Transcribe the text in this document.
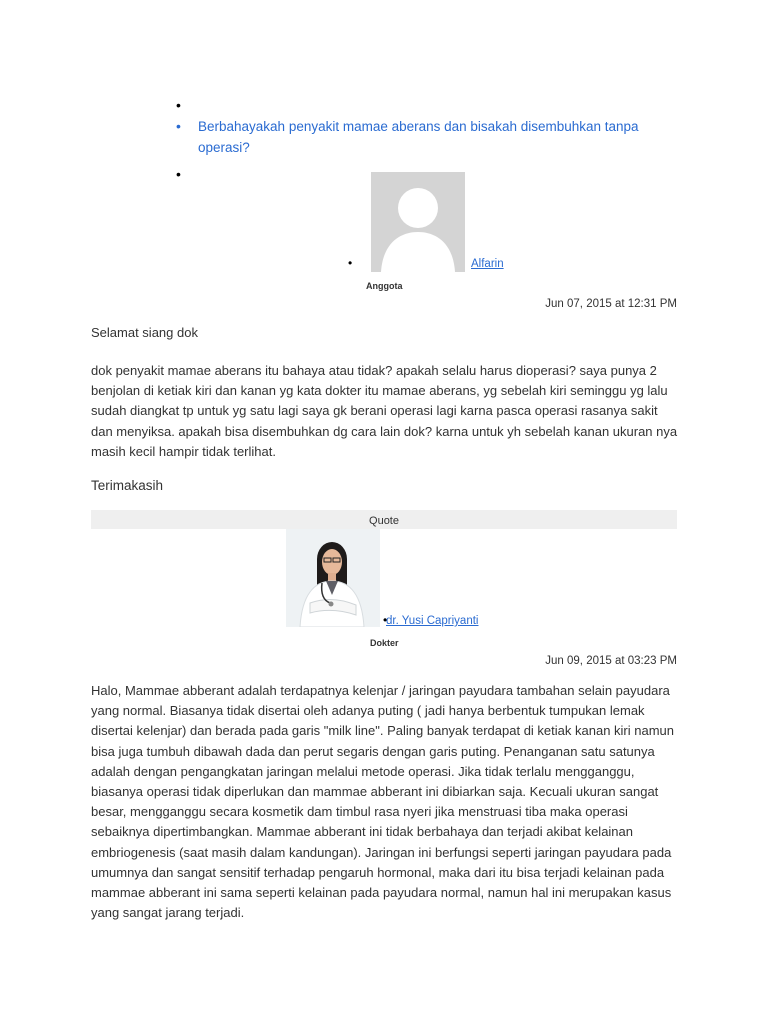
•
• Berbahayakah penyakit mamae aberans dan bisakah disembuhkan tanpa operasi?
•
•	Alfarin
Anggota
Jun 07, 2015 at 12:31 PM

Selamat siang dok

dok penyakit mamae aberans itu bahaya atau tidak? apakah selalu harus dioperasi? saya punya 2 benjolan di ketiak kiri dan kanan yg kata dokter itu mamae aberans, yg sebelah kiri seminggu yg lalu sudah diangkat tp untuk yg satu lagi saya gk berani operasi lagi karna pasca operasi rasanya sakit dan menyiksa. apakah bisa disembuhkan dg cara lain dok? karna untuk yh sebelah kanan ukuran nya masih kecil hampir tidak terlihat.

Terimakasih

Quote
•
dr. Yusi Capriyanti
Dokter
Jun 09, 2015 at 03:23 PM

Halo, Mammae abberant adalah terdapatnya kelenjar / jaringan payudara tambahan selain payudara yang normal. Biasanya tidak disertai oleh adanya puting ( jadi hanya berbentuk tumpukan lemak disertai kelenjar) dan berada pada garis "milk line". Paling banyak terdapat di ketiak kanan kiri namun bisa juga tumbuh dibawah dada dan perut segaris dengan garis puting. Penanganan satu satunya adalah dengan pengangkatan jaringan melalui metode operasi. Jika tidak terlalu mengganggu, biasanya operasi tidak diperlukan dan mammae abberant ini dibiarkan saja. Kecuali ukuran sangat besar, mengganggu secara kosmetik dam timbul rasa nyeri jika menstruasi tiba maka operasi sebaiknya dipertimbangkan. Mammae abberant ini tidak berbahaya dan terjadi akibat kelainan embriogenesis (saat masih dalam kandungan). Jaringan ini berfungsi seperti jaringan payudara pada umumnya dan sangat sensitif terhadap pengaruh hormonal, maka dari itu bisa terjadi kelainan pada mammae abberant ini sama seperti kelainan pada payudara normal, namun hal ini merupakan kasus yang sangat jarang terjadi.
